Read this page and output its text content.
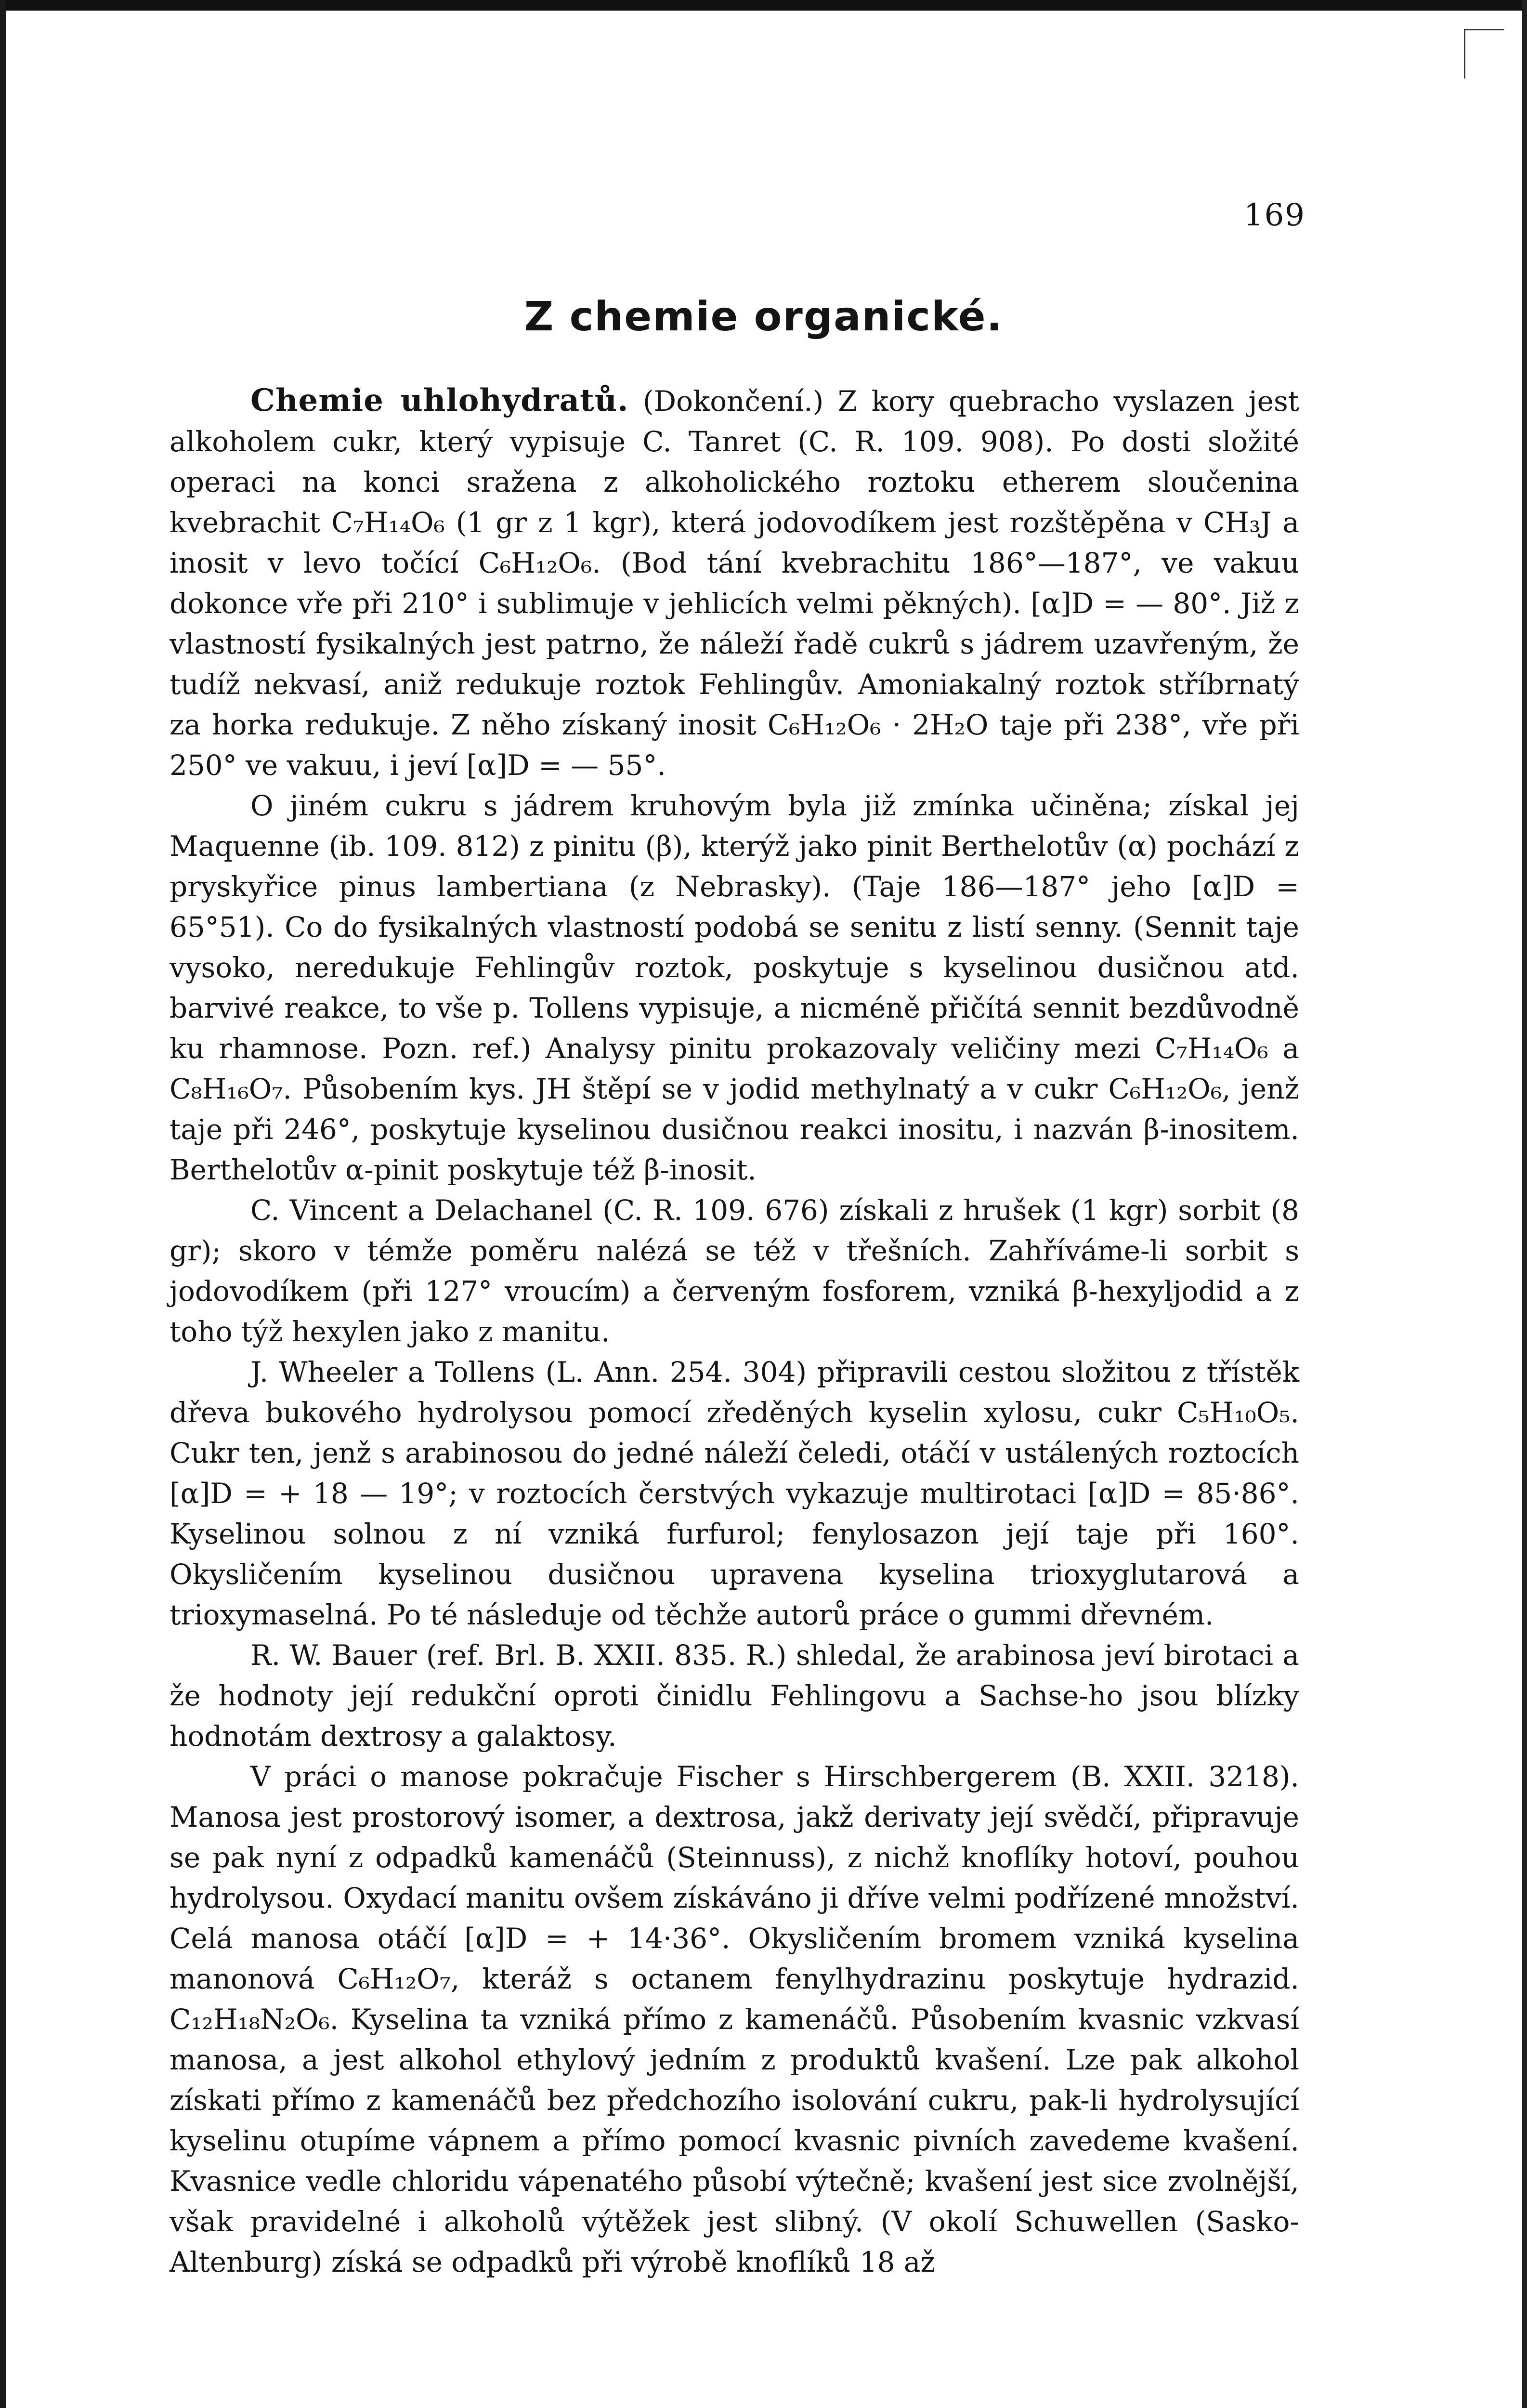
169
Z chemie organické.

Chemie uhlohydratů. (Dokončení.) Z kory quebracho vyslazen jest alkoholem cukr, který vypisuje C. Tanret (C. R. 109. 908). Po dosti složité operaci na konci sražena z alkoholického roztoku etherem sloučenina kvebrachit C₇H₁₄O₆ (1 gr z 1 kgr), která jodovodíkem jest rozštěpěna v CH₃J a inosit v levo točící C₆H₁₂O₆. (Bod tání kvebrachitu 186°—187°, ve vakuu dokonce vře při 210° i sublimuje v jehlicích velmi pěkných). [α]D = — 80°. Již z vlastností fysikalných jest patrno, že náleží řadě cukrů s jádrem uzavřeným, že tudíž nekvasí, aniž redukuje roztok Fehlingův. Amoniakalný roztok stříbrnatý za horka redukuje. Z něho získaný inosit C₆H₁₂O₆ · 2H₂O taje při 238°, vře při 250° ve vakuu, i jeví [α]D = — 55°.

O jiném cukru s jádrem kruhovým byla již zmínka učiněna; získal jej Maquenne (ib. 109. 812) z pinitu (β), kterýž jako pinit Berthelotův (α) pochází z pryskyřice pinus lambertiana (z Nebrasky). (Taje 186—187° jeho [α]D = 65°51). Co do fysikalných vlastností podobá se senitu z listí senny. (Sennit taje vysoko, neredukuje Fehlingův roztok, poskytuje s kyselinou dusičnou atd. barvivé reakce, to vše p. Tollens vypisuje, a nicméně přičítá sennit bezdůvodně ku rhamnose. Pozn. ref.) Analysy pinitu prokazovaly veličiny mezi C₇H₁₄O₆ a C₈H₁₆O₇. Působením kys. JH štěpí se v jodid methylnatý a v cukr C₆H₁₂O₆, jenž taje při 246°, poskytuje kyselinou dusičnou reakci inositu, i nazván β-inositem. Berthelotův α-pinit poskytuje též β-inosit.

C. Vincent a Delachanel (C. R. 109. 676) získali z hrušek (1 kgr) sorbit (8 gr); skoro v témže poměru nalézá se též v třešních. Zahříváme-li sorbit s jodovodíkem (při 127° vroucím) a červeným fosforem, vzniká β-hexyljodid a z toho týž hexylen jako z manitu.

J. Wheeler a Tollens (L. Ann. 254. 304) připravili cestou složitou z třístěk dřeva bukového hydrolysou pomocí zředěných kyselin xylosu, cukr C₅H₁₀O₅. Cukr ten, jenž s arabinosou do jedné náleží čeledi, otáčí v ustálených roztocích [α]D = + 18 — 19°; v roztocích čerstvých vykazuje multirotaci [α]D = 85·86°. Kyselinou solnou z ní vzniká furfurol; fenylosazon její taje při 160°. Okysličením kyselinou dusičnou upravena kyselina trioxyglutarová a trioxymaselná. Po té následuje od těchže autorů práce o gummi dřevném.

R. W. Bauer (ref. Brl. B. XXII. 835. R.) shledal, že arabinosa jeví birotaci a že hodnoty její redukční oproti činidlu Fehlingovu a Sachse-ho jsou blízky hodnotám dextrosy a galaktosy.

V práci o manose pokračuje Fischer s Hirschbergerem (B. XXII. 3218). Manosa jest prostorový isomer, a dextrosa, jakž derivaty její svědčí, připravuje se pak nyní z odpadků kamenáčů (Steinnuss), z nichž knoflíky hotoví, pouhou hydrolysou. Oxydací manitu ovšem získáváno ji dříve velmi podřízené množství. Celá manosa otáčí [α]D = + 14·36°. Okysličením bromem vzniká kyselina manonová C₆H₁₂O₇, kteráž s octanem fenylhydrazinu poskytuje hydrazid. C₁₂H₁₈N₂O₆. Kyselina ta vzniká přímo z kamenáčů. Působením kvasnic vzkvasí manosa, a jest alkohol ethylový jedním z produktů kvašení. Lze pak alkohol získati přímo z kamenáčů bez předchozího isolování cukru, pak-li hydrolysující kyselinu otupíme vápnem a přímo pomocí kvasnic pivních zavedeme kvašení. Kvasnice vedle chloridu vápenatého působí výtečně; kvašení jest sice zvolnější, však pravidelné i alkoholů výtěžek jest slibný. (V okolí Schuwellen (Sasko-Altenburg) získá se odpadků při výrobě knoflíků 18 až
